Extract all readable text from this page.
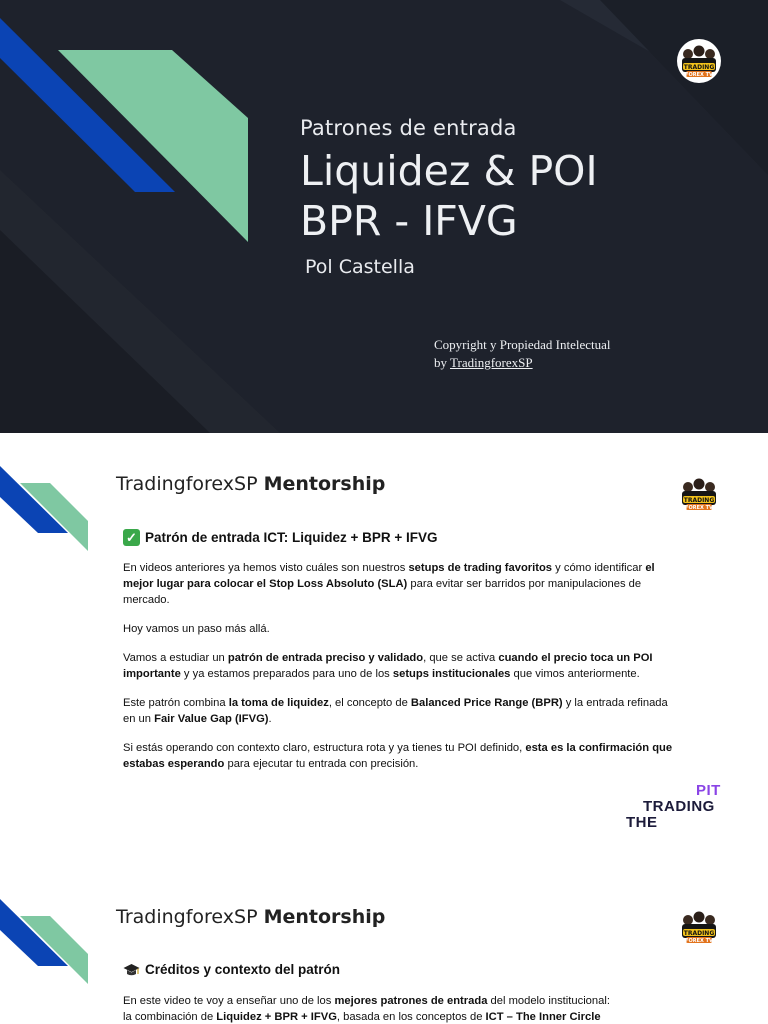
TRADING
FOREX TV
Patrones de entrada
Liquidez & POI
BPR - IFVG
Pol Castella
Copyright y Propiedad Intelectual
by TradingforexSP
TradingforexSP Mentorship
TRADING
FOREX TV
✓ Patrón de entrada ICT: Liquidez + BPR + IFVG

En videos anteriores ya hemos visto cuáles son nuestros setups de trading favoritos y cómo identificar el mejor lugar para colocar el Stop Loss Absoluto (SLA) para evitar ser barridos por manipulaciones de mercado.

Hoy vamos un paso más allá.

Vamos a estudiar un patrón de entrada preciso y validado, que se activa cuando el precio toca un POI importante y ya estamos preparados para uno de los setups institucionales que vimos anteriormente.

Este patrón combina la toma de liquidez, el concepto de Balanced Price Range (BPR) y la entrada refinada en un Fair Value Gap (IFVG).

Si estás operando con contexto claro, estructura rota y ya tienes tu POI definido, esta es la confirmación que estabas esperando para ejecutar tu entrada con precisión.

PIT
TRADING
THE
TradingforexSP Mentorship
TRADING
FOREX TV
Créditos y contexto del patrón
En este video te voy a enseñar uno de los mejores patrones de entrada del modelo institucional:
la combinación de Liquidez + BPR + IFVG, basada en los conceptos de ICT – The Inner Circle
